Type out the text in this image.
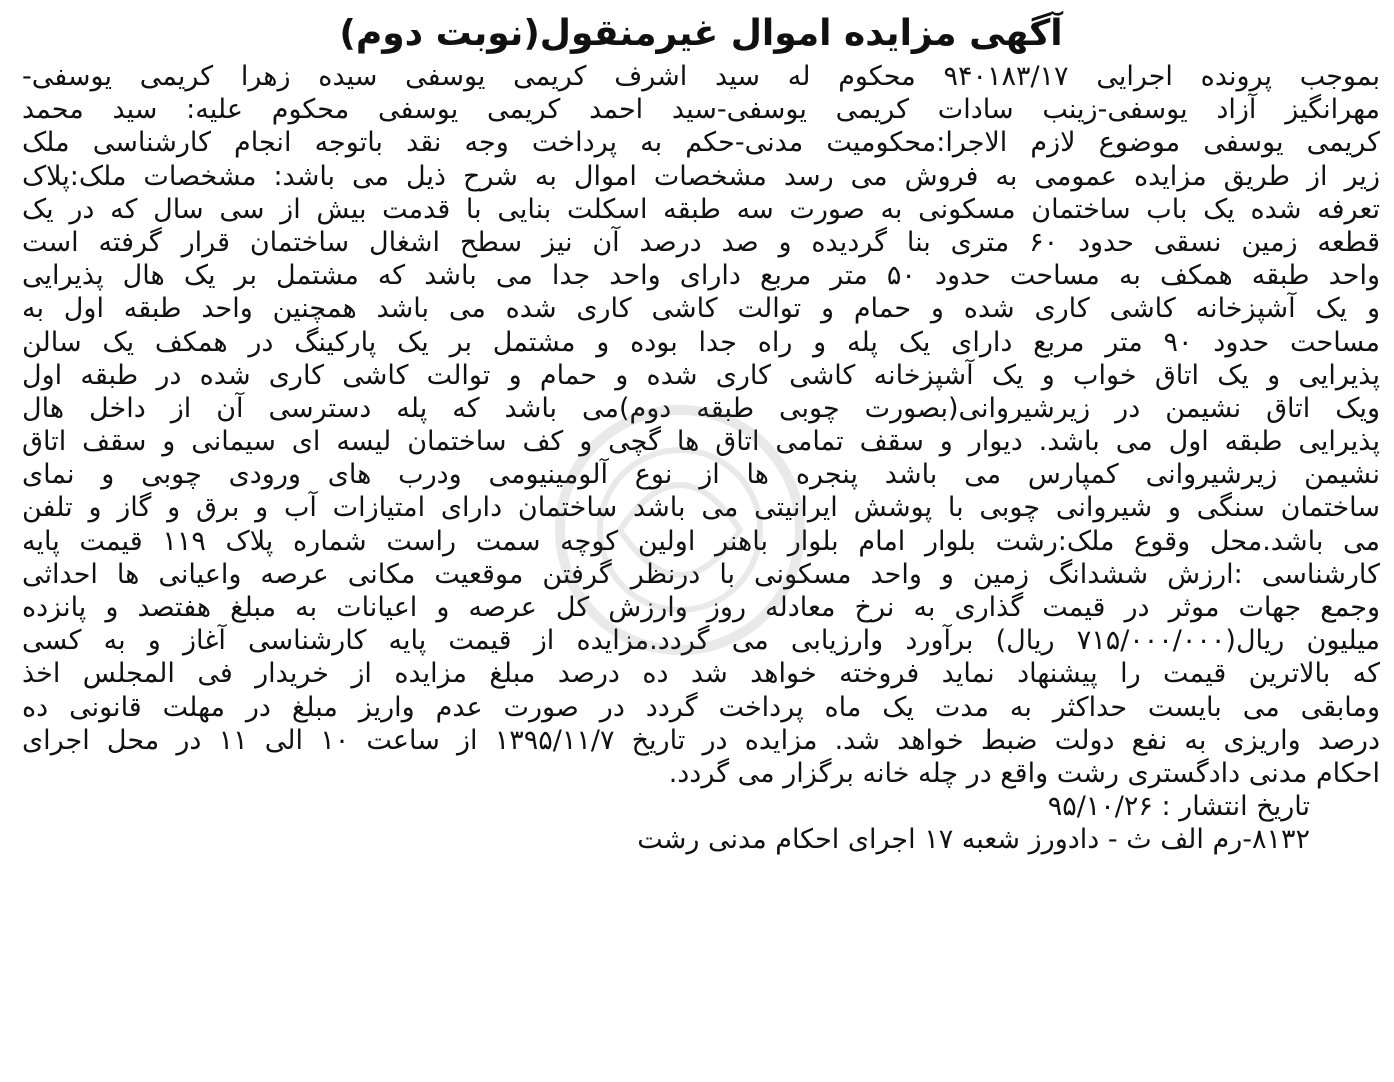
آگهی مزایده اموال غیرمنقول(نوبت دوم)
بموجب پرونده اجرایی ۹۴۰۱۸۳/۱۷ محکوم له سید اشرف کریمی یوسفی سیده زهرا کریمی یوسفی-
مهرانگیز آزاد یوسفی-زینب سادات کریمی یوسفی-سید احمد کریمی یوسفی محکوم علیه: سید محمد
کریمی یوسفی موضوع لازم الاجرا:محکومیت مدنی-حکم به پرداخت وجه نقد باتوجه انجام کارشناسی ملک
زیر از طریق مزایده عمومی به فروش می رسد مشخصات اموال به شرح ذیل می باشد: مشخصات ملک:پلاک
تعرفه شده یک باب ساختمان مسکونی به صورت سه طبقه اسکلت بنایی با قدمت بیش از سی سال که در یک
قطعه زمین نسقی حدود ۶۰ متری بنا گردیده و صد درصد آن نیز سطح اشغال ساختمان قرار گرفته است
واحد طبقه همکف به مساحت حدود ۵۰ متر مربع دارای واحد جدا می باشد که مشتمل بر یک هال پذیرایی
و یک آشپزخانه کاشی کاری شده و حمام و توالت کاشی کاری شده می باشد همچنین واحد طبقه اول به
مساحت حدود ۹۰ متر مربع دارای یک پله و راه جدا بوده و مشتمل بر یک پارکینگ در همکف یک سالن
پذیرایی و یک اتاق خواب و یک آشپزخانه کاشی کاری شده و حمام و توالت کاشی کاری شده در طبقه اول
ویک اتاق نشیمن در زیرشیروانی(بصورت چوبی طبقه دوم)می باشد که پله دسترسی آن از داخل هال
پذیرایی طبقه اول می باشد. دیوار و سقف تمامی اتاق ها گچی و کف ساختمان لیسه ای سیمانی و سقف اتاق
نشیمن زیرشیروانی کمپارس می باشد پنجره ها از نوع آلومینیومی ودرب های ورودی چوبی و نمای
ساختمان سنگی و شیروانی چوبی با پوشش ایرانیتی می باشد ساختمان دارای امتیازات آب و برق و گاز و تلفن
می باشد.محل وقوع ملک:رشت بلوار امام بلوار باهنر اولین کوچه سمت راست شماره پلاک ۱۱۹ قیمت پایه
کارشناسی :ارزش ششدانگ زمین و واحد مسکونی با درنظر گرفتن موقعیت مکانی عرصه واعیانی ها احداثی
وجمع جهات موثر در قیمت گذاری به نرخ معادله روز وارزش کل عرصه و اعیانات به مبلغ هفتصد و پانزده
میلیون ریال(۷۱۵/۰۰۰/۰۰۰ ریال) برآورد وارزیابی می گردد.مزایده از قیمت پایه کارشناسی آغاز و به کسی
که بالاترین قیمت را پیشنهاد نماید فروخته خواهد شد ده درصد مبلغ مزایده از خریدار فی المجلس اخذ
ومابقی می بایست حداکثر به مدت یک ماه پرداخت گردد در صورت عدم واریز مبلغ در مهلت قانونی ده
درصد واریزی به نفع دولت ضبط خواهد شد. مزایده در تاریخ ۱۳۹۵/۱۱/۷ از ساعت ۱۰ الی ۱۱ در محل اجرای
احکام مدنی دادگستری رشت واقع در چله خانه برگزار می گردد.
تاریخ انتشار : ۹۵/۱۰/۲۶
۸۱۳۲-رم الف ث - دادورز شعبه ۱۷ اجرای احکام مدنی رشت
